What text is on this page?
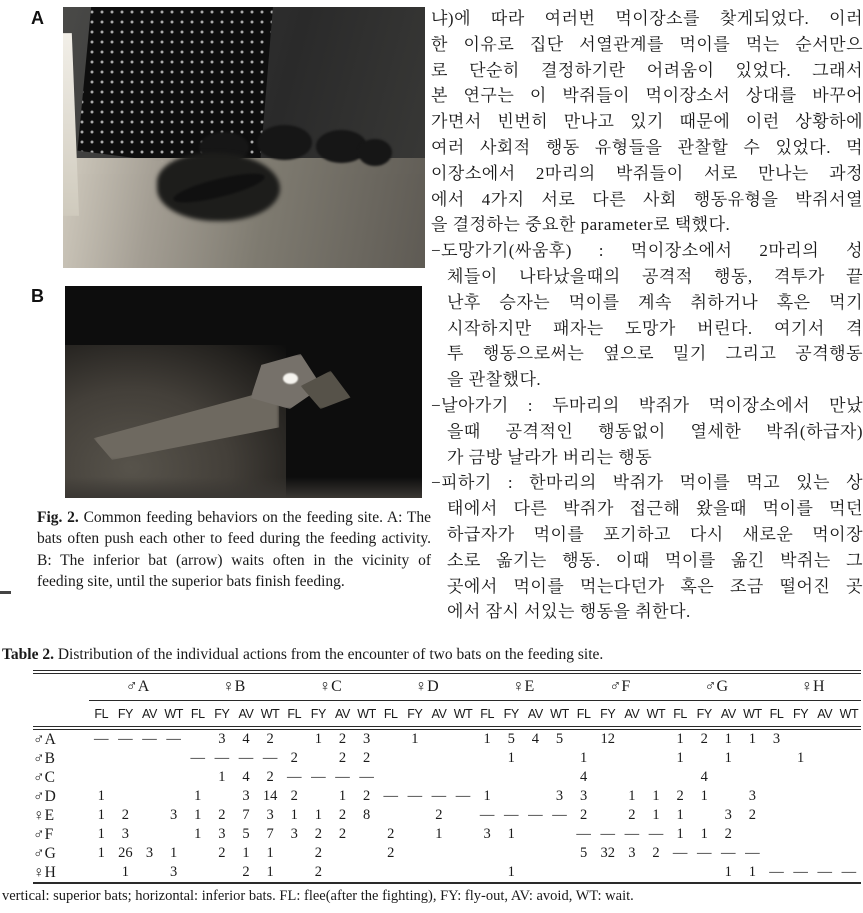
A
B
Fig. 2. Common feeding behaviors on the feeding site. A: The bats often push each other to feed during the feeding activity. B: The inferior bat (arrow) waits often in the vicinity of feeding site, until the superior bats finish feeding.
냐)에 따라 여러번 먹이장소를 찾게되었다. 이러
한 이유로 집단 서열관계를 먹이를 먹는 순서만으
로 단순히 결정하기란 어려움이 있었다. 그래서
본 연구는 이 박쥐들이 먹이장소서 상대를 바꾸어
가면서 빈번히 만나고 있기 때문에 이런 상황하에
여러 사회적 행동 유형들을 관찰할 수 있었다. 먹
이장소에서 2마리의 박쥐들이 서로 만나는 과정
에서 4가지 서로 다른 사회 행동유형을 박쥐서열
을 결정하는 중요한 parameter로 택했다.
−도망가기(싸움후) : 먹이장소에서 2마리의 성
체들이 나타났을때의 공격적 행동, 격투가 끝
난후 승자는 먹이를 계속 취하거나 혹은 먹기
시작하지만 패자는 도망가 버린다. 여기서 격
투 행동으로써는 옆으로 밀기 그리고 공격행동
을 관찰했다.
−날아가기 : 두마리의 박쥐가 먹이장소에서 만났
을때 공격적인 행동없이 열세한 박쥐(하급자)
가 금방 날라가 버리는 행동
−피하기 : 한마리의 박쥐가 먹이를 먹고 있는 상
태에서 다른 박쥐가 접근해 왔을때 먹이를 먹던
하급자가 먹이를 포기하고 다시 새로운 먹이장
소로 옮기는 행동. 이때 먹이를 옮긴 박쥐는 그
곳에서 먹이를 먹는다던가 혹은 조금 떨어진 곳
에서 잠시 서있는 행동을 취한다.
Table 2. Distribution of the individual actions from the encounter of two bats on the feeding site.
	♂A				♀B				♀C				♀D				♀E				♂F				♂G				♀H			
	FL	FY	AV	WT	FL	FY	AV	WT	FL	FY	AV	WT	FL	FY	AV	WT	FL	FY	AV	WT	FL	FY	AV	WT	FL	FY	AV	WT	FL	FY	AV	WT
♂A	—	—	—	—		3	4	2		1	2	3		1			1	5	4	5		12			1	2	1	1	3			
♂B					—	—	—	—	2		2	2						1			1				1		1			1		
♂C						1	4	2	—	—	—	—									4					4						
♂D	1				1		3	14	2		1	2	—	—	—	—	1			3	3		1	1	2	1		3				
♀E	1	2		3	1	2	7	3	1	1	2	8			2		—	—	—	—	2		2	1	1		3	2				
♂F	1	3			1	3	5	7	3	2	2		2		1		3	1			—	—	—	—	1	1	2					
♂G	1	26	3	1		2	1	1		2			2								5	32	3	2	—	—	—	—				
♀H		1		3			2	1		2								1									1	1	—	—	—	—
vertical: superior bats; horizontal: inferior bats. FL: flee(after the fighting), FY: fly-out, AV: avoid, WT: wait.
